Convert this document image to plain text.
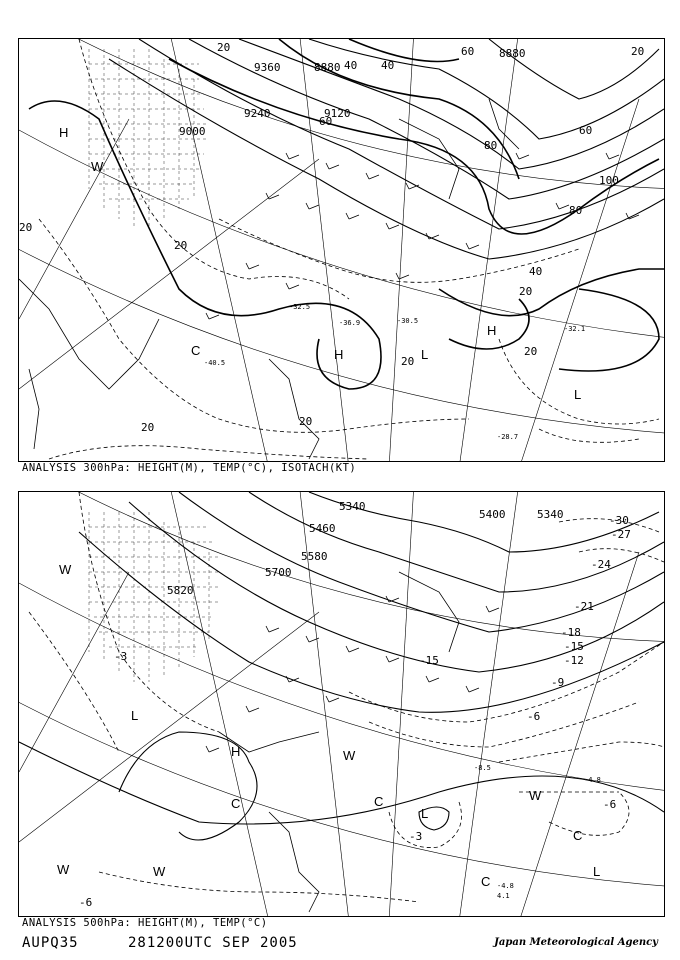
9120
9240
9360
9000
8880
8880
20
20
20
20	20
20
20
20
40 40
40
60
60
60
80
80
100
20
H
H
H
W
C	L
L
-40.5
-32.5
-36.9
-32.1
-30.5
-28.7
ANALYSIS 300hPa: HEIGHT(M), TEMP(°C), ISOTACH(KT)
5820
5700
5580
5460
5340
5340
5400	-30
-27
-24
-21
-18
-15
-12
-9
-6
-6
-3
-6
-3	-15
W
W
W
W
L
L
L
H
C	C
C
C
W
-8.5
-4.8
-4.8
4.1
ANALYSIS 500hPa: HEIGHT(M), TEMP(°C)
AUPQ35	281200UTC SEP 2005	Japan Meteorological Agency
